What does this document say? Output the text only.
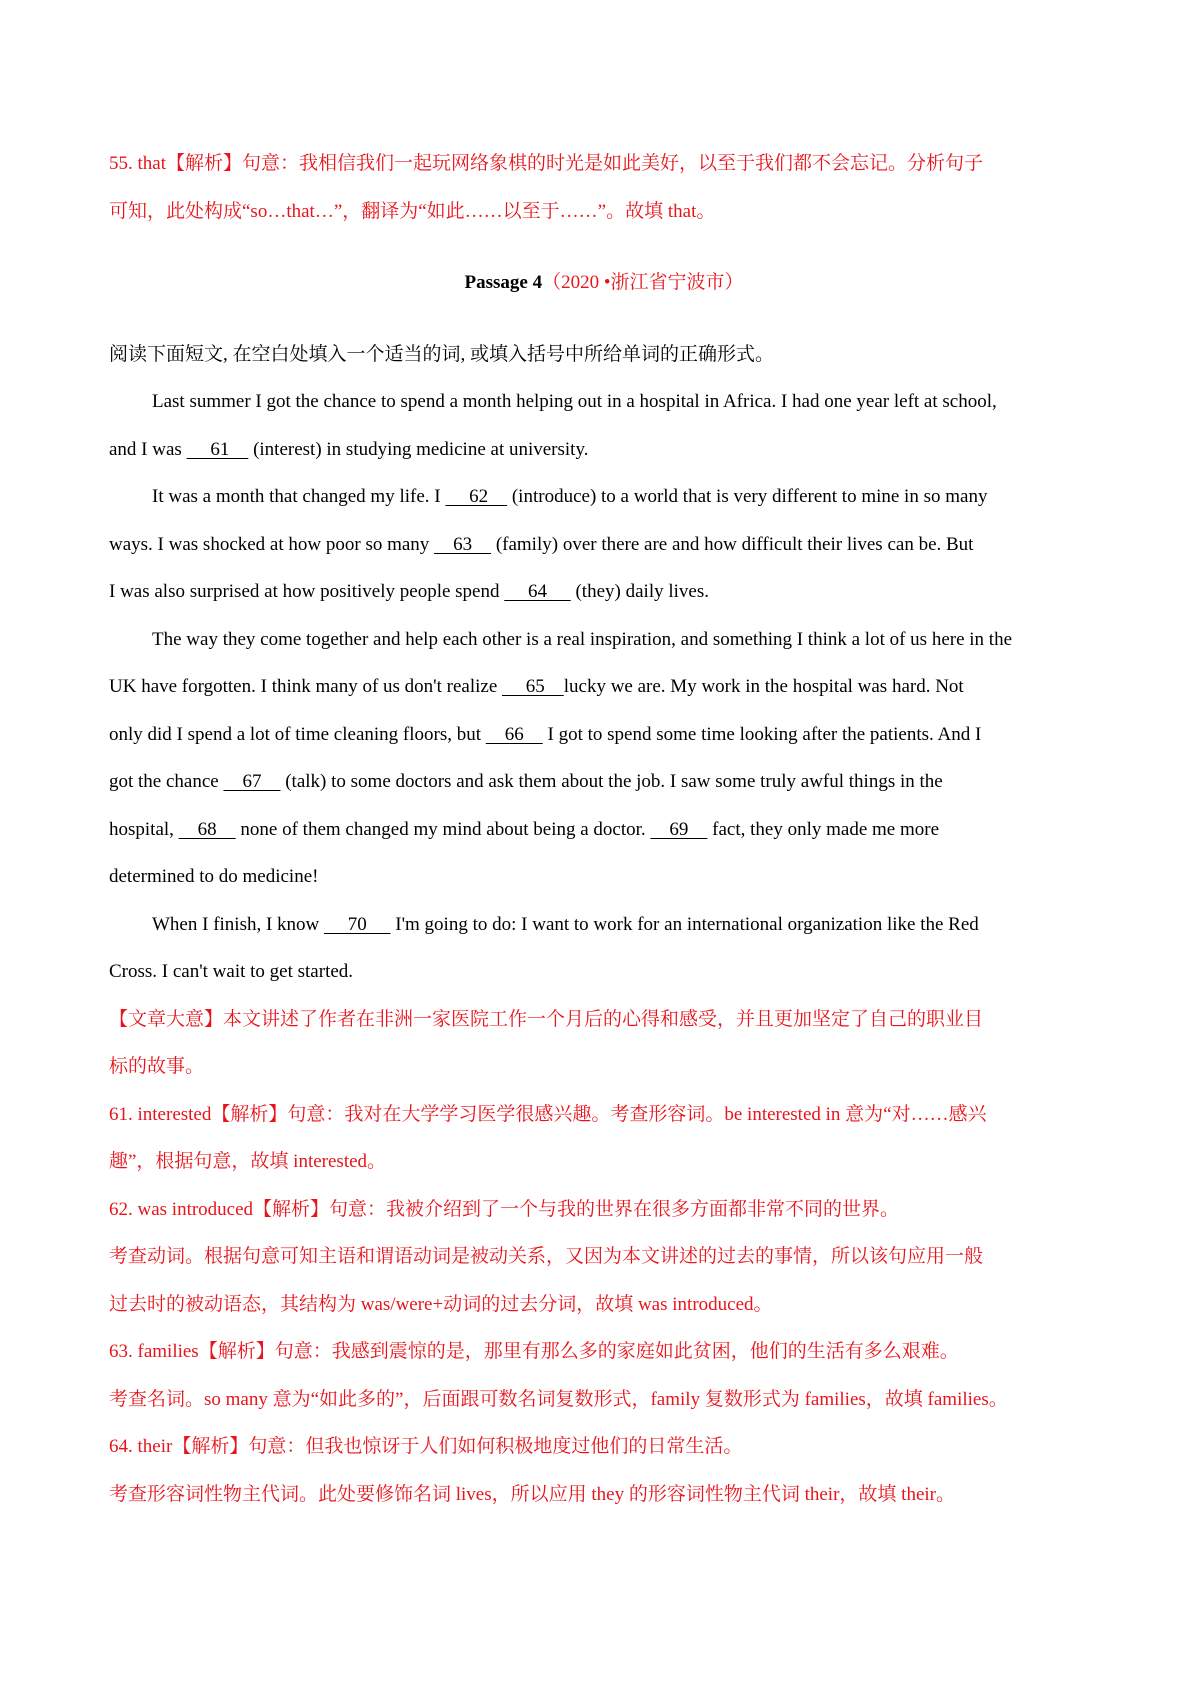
55. that【解析】句意：我相信我们一起玩网络象棋的时光是如此美好，以至于我们都不会忘记。分析句子
可知，此处构成“so…that…”，翻译为“如此……以至于……”。故填 that。
Passage 4（2020 •浙江省宁波市）
阅读下面短文, 在空白处填入一个适当的词, 或填入括号中所给单词的正确形式。
Last summer I got the chance to spend a month helping out in a hospital in Africa. I had one year left at school,
and I was      61     (interest) in studying medicine at university.
It was a month that changed my life. I      62     (introduce) to a world that is very different to mine in so many
ways. I was shocked at how poor so many     63     (family) over there are and how difficult their lives can be. But
I was also surprised at how positively people spend      64      (they) daily lives.
The way they come together and help each other is a real inspiration, and something I think a lot of us here in the
UK have forgotten. I think many of us don't realize      65    lucky we are. My work in the hospital was hard. Not
only did I spend a lot of time cleaning floors, but     66     I got to spend some time looking after the patients. And I
got the chance     67     (talk) to some doctors and ask them about the job. I saw some truly awful things in the
hospital,     68     none of them changed my mind about being a doctor.     69     fact, they only made me more
determined to do medicine!
When I finish, I know      70      I'm going to do: I want to work for an international organization like the Red
Cross. I can't wait to get started.
【文章大意】本文讲述了作者在非洲一家医院工作一个月后的心得和感受，并且更加坚定了自己的职业目
标的故事。
61. interested【解析】句意：我对在大学学习医学很感兴趣。考查形容词。be interested in 意为“对……感兴
趣”，根据句意，故填 interested。
62. was introduced【解析】句意：我被介绍到了一个与我的世界在很多方面都非常不同的世界。
考查动词。根据句意可知主语和谓语动词是被动关系，又因为本文讲述的过去的事情，所以该句应用一般
过去时的被动语态，其结构为 was/were+动词的过去分词，故填 was introduced。
63. families【解析】句意：我感到震惊的是，那里有那么多的家庭如此贫困，他们的生活有多么艰难。
考查名词。so many 意为“如此多的”，后面跟可数名词复数形式，family 复数形式为 families，故填 families。
64. their【解析】句意：但我也惊讶于人们如何积极地度过他们的日常生活。
考查形容词性物主代词。此处要修饰名词 lives，所以应用 they 的形容词性物主代词 their，故填 their。
